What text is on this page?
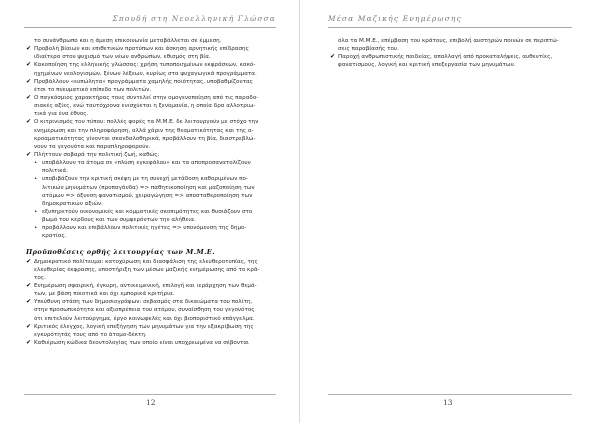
Σπουδή στη Νεοελληνική Γλώσσα
το συνάνθρωπο και η άμεση επικοινωνία μεταβάλλεται σε έμμεση.
✔ Προβολή βίαιων και επιθετικών προτύπων και άσκηση αρνητικής επίδρασης
ιδιαίτερα στον ψυχισμό των νέων ανθρώπων, εθισμός στη βία.
✔ Κακοποίηση της ελληνικής γλώσσας: χρήση τυποποιημένων εκφράσεων, κακό-
ηχημένων νεολογισμών, ξένων λέξεων, κυρίως στα ψυχαγωγικά προγράμματα.
✔ Προβάλλουν «ευπώλητα» προγράμματα χαμηλής ποιότητας, υποβαθμίζοντας
έτσι το πνευματικό επίπεδο των πολιτών.
✔ Ο παγκόσμιος χαρακτήρας τους συντελεί στην ομογενοποίηση από τις παραδο-
σιακές αξίες, ενώ ταυτόχρονα ενισχύεται η ξενομανία, η οποία δρα αλλοτριω-
τικά για ένα έθνος.
✔ Ο κιτρινισμός του τύπου: πολλές φορές τα Μ.Μ.Ε. δε λειτουργούν με στόχο την
ενημέρωση και την πληροφόρηση, αλλά χάριν της θεαματικότητας και της α-
κροαματικότητας γίνονται σκανδαλοθηρικά, προβάλλουν τη βία, διαστρεβλώ-
νουν τα γεγονότα και παραπληροφορούν.
✔ Πλήττουν σοβαρά την πολιτική ζωή, καθώς:
• υποβάλλουν τα άτομα σε «πλύση εγκεφάλου» και τα αποπροσανατολίζουν
πολιτικά.
• υποβιβάζουν την κριτική σκέψη με τη συνεχή μετάδοση καθοριμένων πο-
λιτικών μηνυμάτων (προπαγάνδα) => παθητικοποίηση και μαζοποίηση των
ατόμων => όξυνση φανατισμού, χειραγώγηση => αποσταθεροποίηση των
δημοκρατικών αξιών.
• εξυπηρετούν οικονομικές και κομματικές σκοπιμότητες και θυσιάζουν στο
βωμό του κέρδους και των συμφερόντων την αλήθεια.
• προβάλλουν και επιβάλλουν πολιτικές ηγέτες => υπονόμευση της δημο-
κρατίας.
Προϋποθέσεις ορθής λειτουργίας των Μ.Μ.Ε.
✔ Δημοκρατικό πολίτευμα: κατοχύρωση και διασφάλιση της ελευθεροτυπίας, της
ελευθερίας έκφρασης, υποστήριξη των μέσων μαζικής ενημέρωσης από το κρά-
τος.
✔ Ενημέρωση σφαιρική, έγκυρη, αντικειμενική, επιλογή και ιεράρχηση των θεμά-
των, με βάση ποιοτικά και όχι εμπορικά κριτήρια.
✔ Υπεύθυνη στάση των δημοσιογράφων: σεβασμός στα δικαιώματα του πολίτη,
στην προσωπικότητα και αξιοπρέπεια του ατόμου, συναίσθηση του γεγονότος
ότι επιτελούν λειτούργημα, έργο κοινωφελές και όχι βιοποριστικό επάγγελμα.
✔ Κριτικός έλεγχος, λογική επεξήγηση των μηνυμάτων για την εξακρίβωση της
εγκυρότητάς τους από το άτομο-δέκτη.
✔ Καθιέρωση κώδικα δεοντολογίας των οποίο είναι υποχρεωμένα να σέβονται
12
Μέσα Μαζικής Ενημέρωσης
όλα τα Μ.Μ.Ε., επέμβαση του κράτους, επιβολή αυστηρών ποινών σε περιπτώ-
σεις παραβίασής του.
✔ Παροχή ανθρωπιστικής παιδείας, απαλλαγή από προκαταλήψεις, αυθεντίες,
φανατισμούς, λογική και κριτική επεξεργασία των μηνυμάτων.
13
